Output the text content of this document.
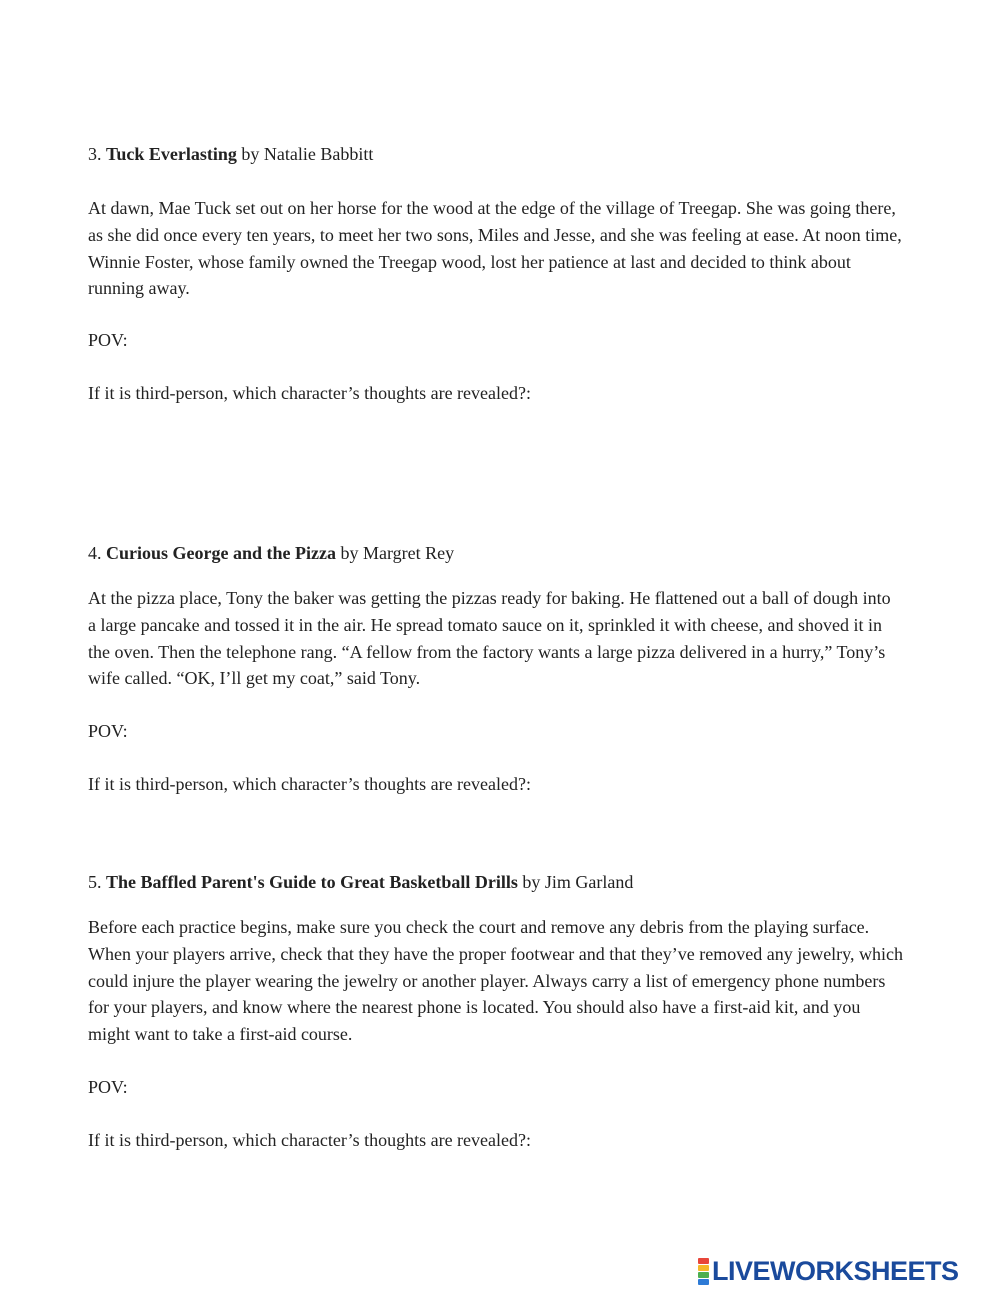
3. Tuck Everlasting by Natalie Babbitt
At dawn, Mae Tuck set out on her horse for the wood at the edge of the village of Treegap. She was going there, as she did once every ten years, to meet her two sons, Miles and Jesse, and she was feeling at ease. At noon time, Winnie Foster, whose family owned the Treegap wood, lost her patience at last and decided to think about running away.
POV:
If it is third-person, which character’s thoughts are revealed?:
4. Curious George and the Pizza by Margret Rey
At the pizza place, Tony the baker was getting the pizzas ready for baking. He flattened out a ball of dough into a large pancake and tossed it in the air. He spread tomato sauce on it, sprinkled it with cheese, and shoved it in the oven. Then the telephone rang. “A fellow from the factory wants a large pizza delivered in a hurry,” Tony’s wife called. “OK, I’ll get my coat,” said Tony.
POV:
If it is third-person, which character’s thoughts are revealed?:
5. The Baffled Parent's Guide to Great Basketball Drills by Jim Garland
Before each practice begins, make sure you check the court and remove any debris from the playing surface. When your players arrive, check that they have the proper footwear and that they’ve removed any jewelry, which could injure the player wearing the jewelry or another player. Always carry a list of emergency phone numbers for your players, and know where the nearest phone is located. You should also have a first-aid kit, and you might want to take a first-aid course.
POV:
If it is third-person, which character’s thoughts are revealed?:
LIVEWORKSHEETS
